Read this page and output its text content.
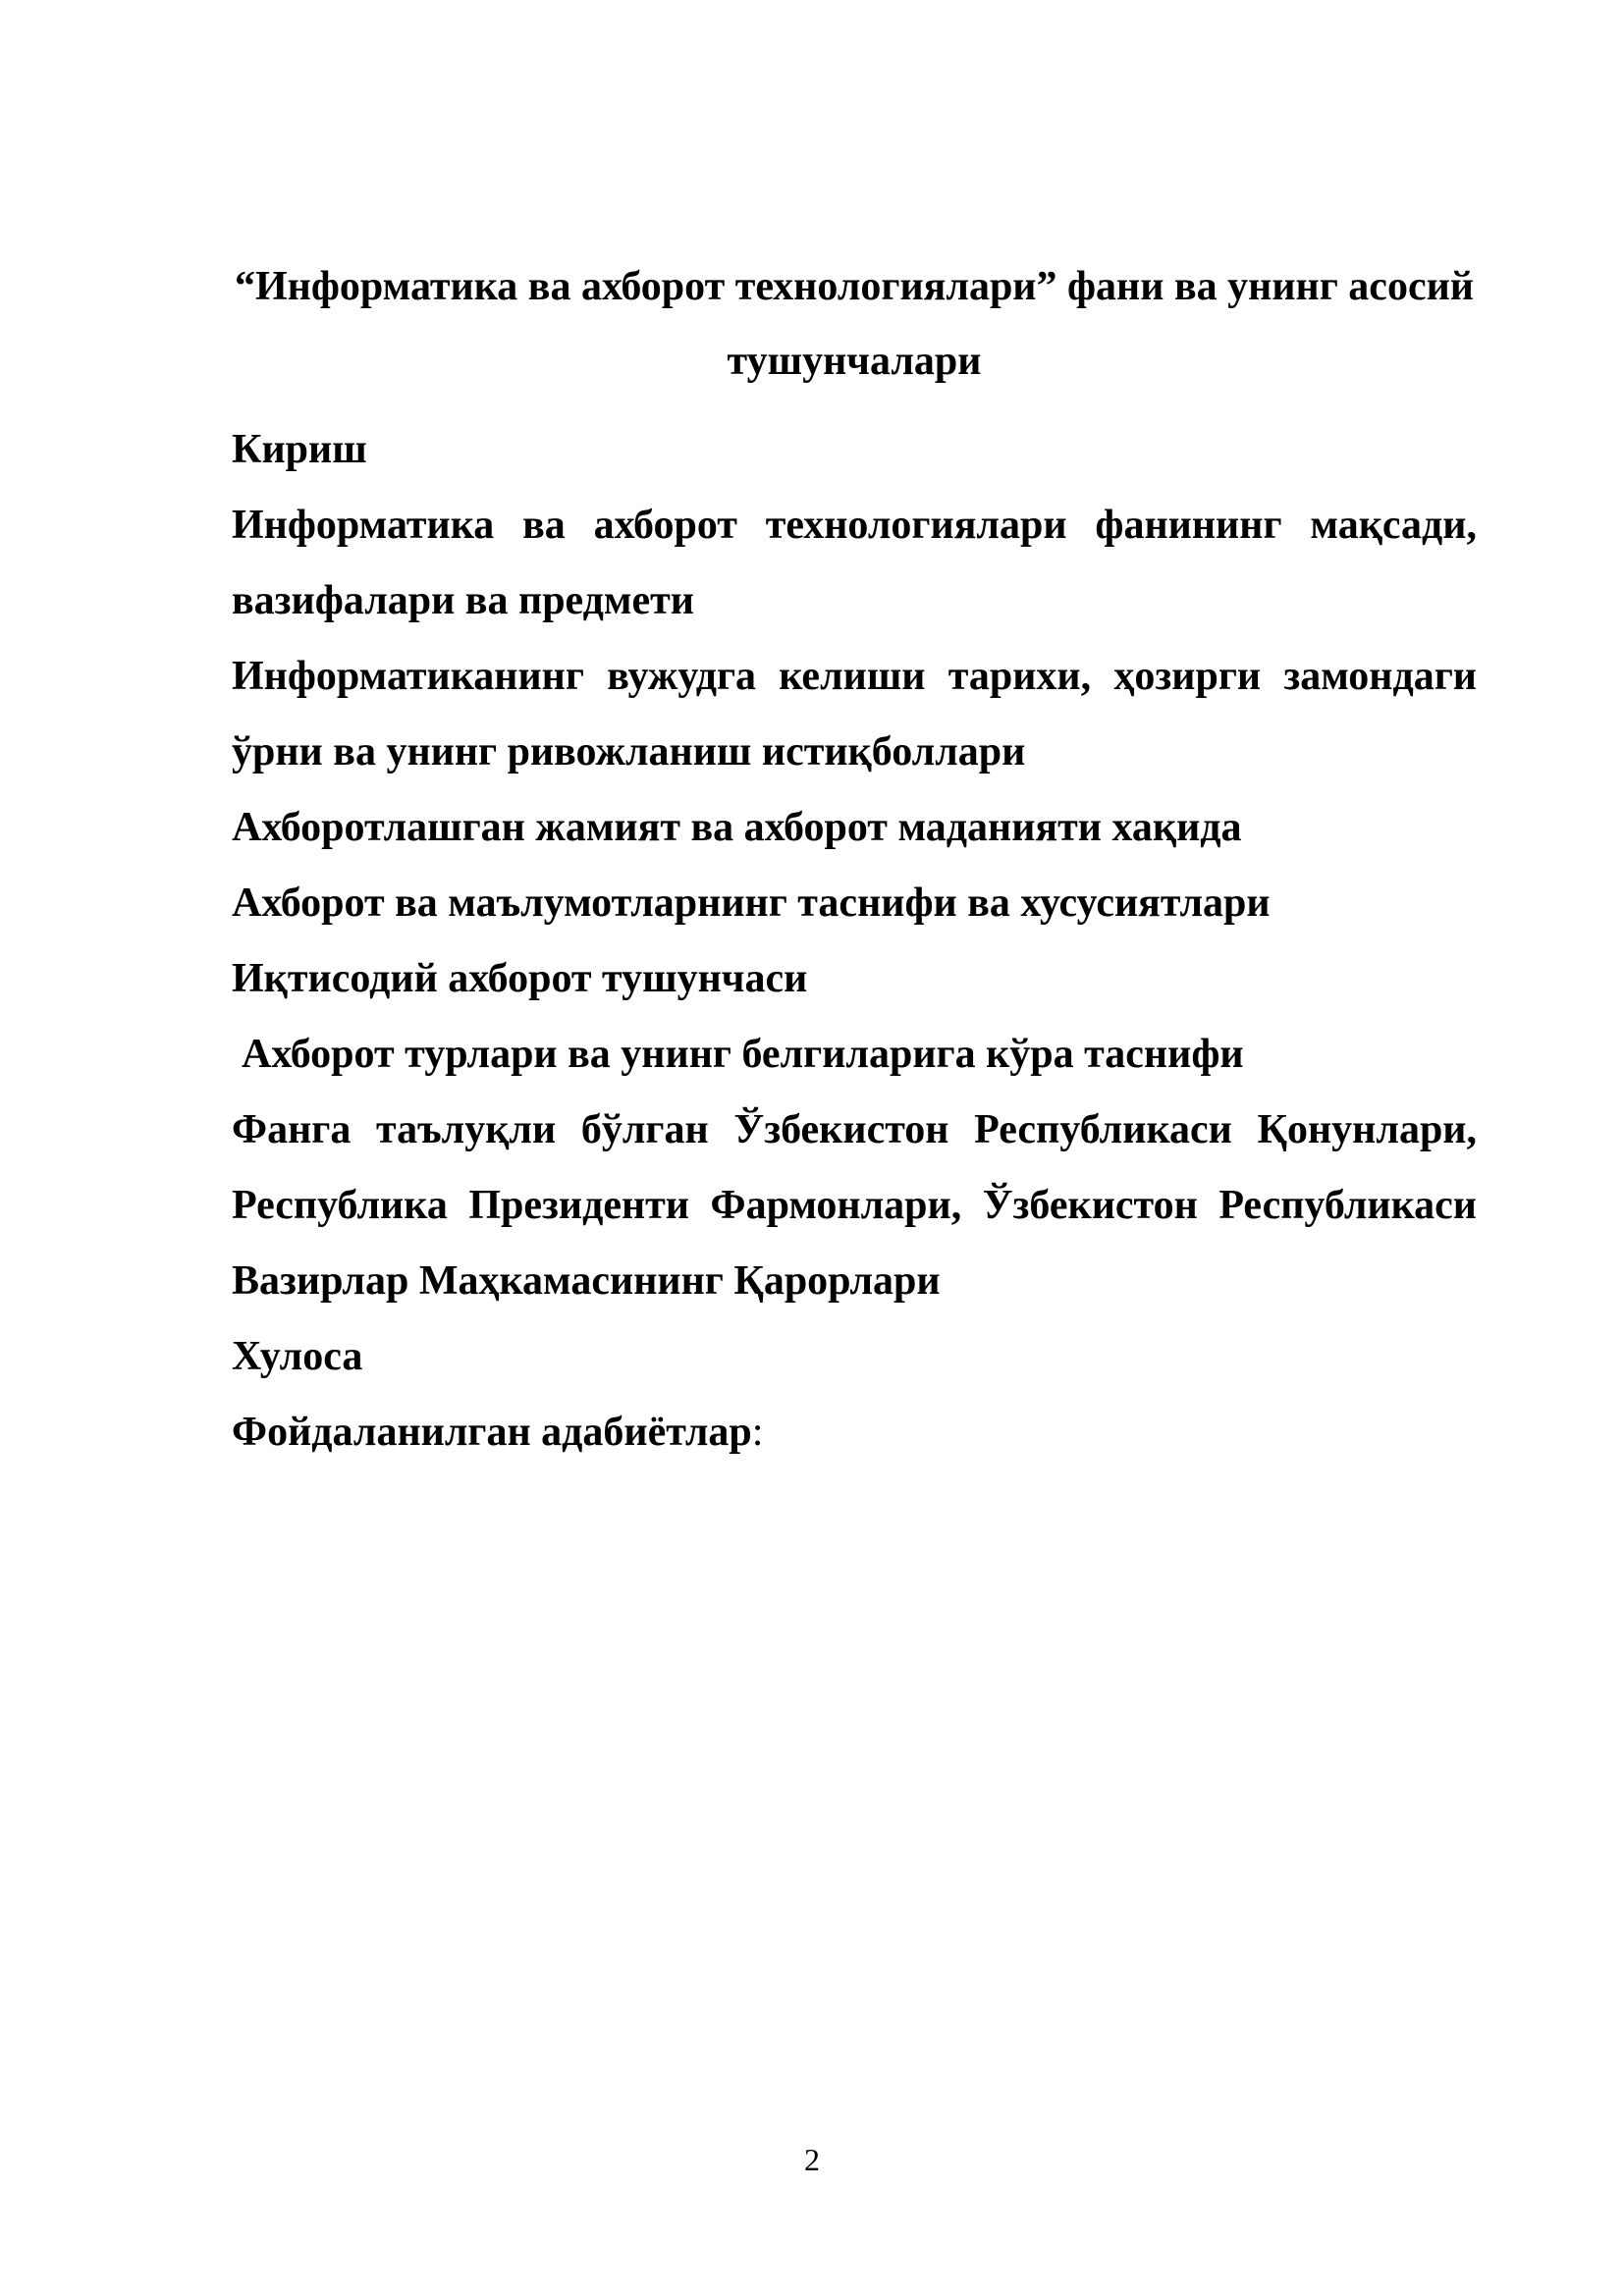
“Информатика ва ахборот технологиялари” фани ва унинг асосий тушунчалари
Кириш
Информатика ва ахборот технологиялари фанининг мақсади, вазифалари ва предмети
Информатиканинг вужудга келиши тарихи, ҳозирги замондаги ўрни ва унинг ривожланиш истиқболлари
Ахборотлашган жамият ва ахборот маданияти хақида
Ахборот ва маълумотларнинг таснифи ва хусусиятлари
Иқтисодий ахборот тушунчаси
Ахборот турлари ва унинг белгиларига кўра таснифи
Фанга таълуқли бўлган Ўзбекистон Республикаси Қонунлари, Республика Президенти Фармонлари, Ўзбекистон Республикаси Вазирлар Маҳкамасининг Қарорлари
Хулоса
Фойдаланилган адабиётлар:
2
